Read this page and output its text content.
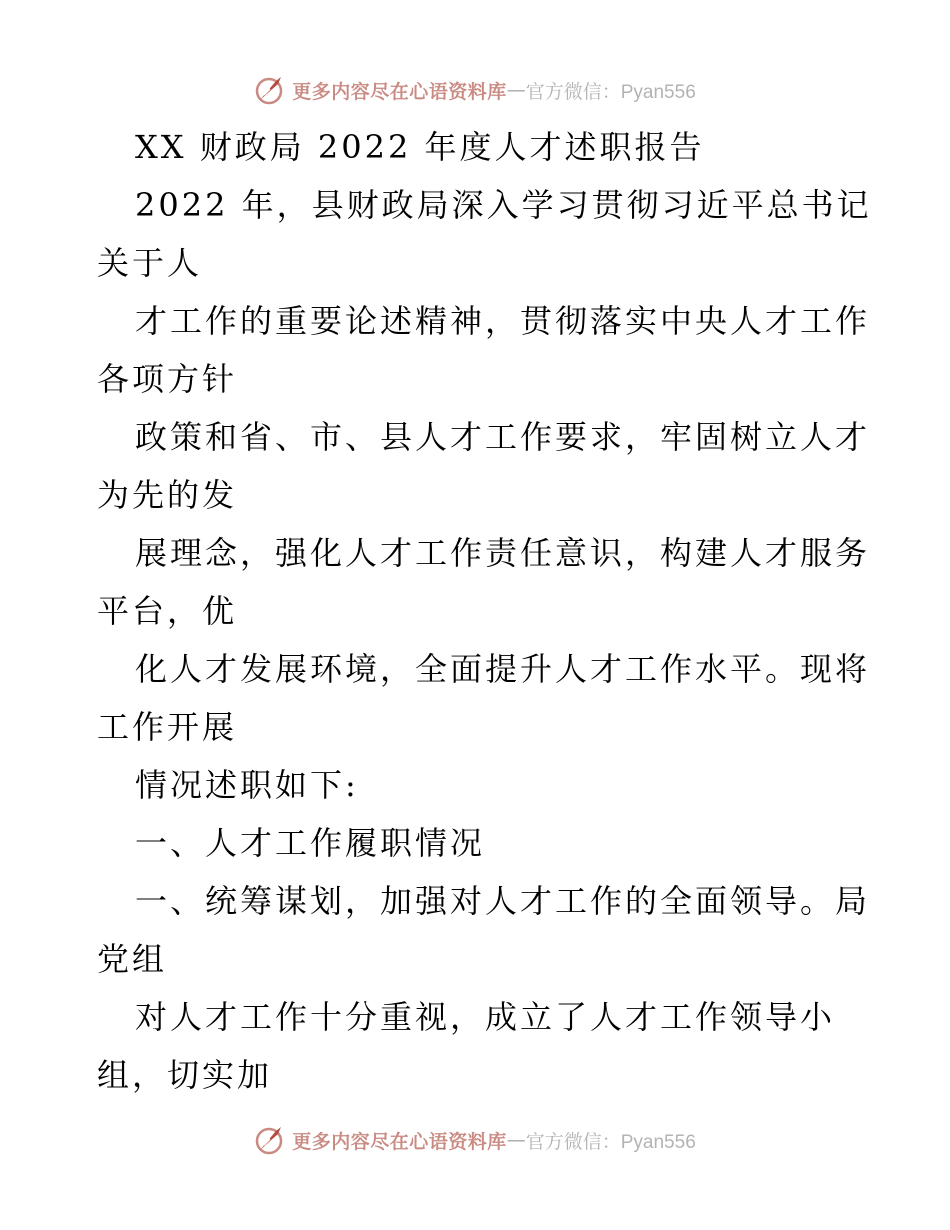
更多内容尽在心语资料库 — 官方微信：Pyan556
XX 财政局 2022 年度人才述职报告
2022 年，县财政局深入学习贯彻习近平总书记
关于人
才工作的重要论述精神，贯彻落实中央人才工作
各项方针
政策和省、市、县人才工作要求，牢固树立人才
为先的发
展理念，强化人才工作责任意识，构建人才服务
平台，优
化人才发展环境，全面提升人才工作水平。现将
工作开展
情况述职如下:
一、人才工作履职情况
一、统筹谋划，加强对人才工作的全面领导。局
党组
对人才工作十分重视，成立了人才工作领导小
组，切实加
更多内容尽在心语资料库 — 官方微信：Pyan556
